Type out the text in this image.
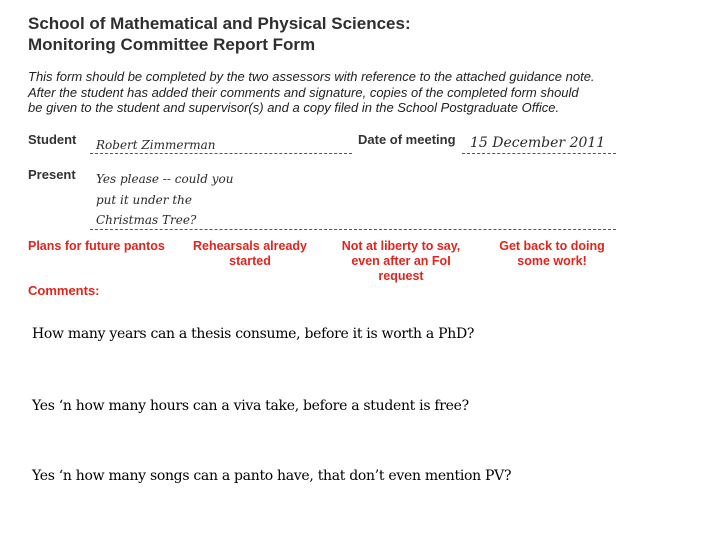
School of Mathematical and Physical Sciences:
Monitoring Committee Report Form
This form should be completed by the two assessors with reference to the attached guidance note.
After the student has added their comments and signature, copies of the completed form should
be given to the student and supervisor(s) and a copy filed in the School Postgraduate Office.
Student Robert Zimmerman	Date of meeting 15 December 2011
Present Yes please -- could you
put it under the
Christmas Tree?
Plans for future pantos Rehearsals already
started
Not at liberty to say,
even after an FoI
request
Get back to doing
some work!
Comments:
How many years can a thesis consume, before it is worth a PhD?
Yes ‘n how many hours can a viva take, before a student is free?
Yes ‘n how many songs can a panto have, that don’t even mention PV?
